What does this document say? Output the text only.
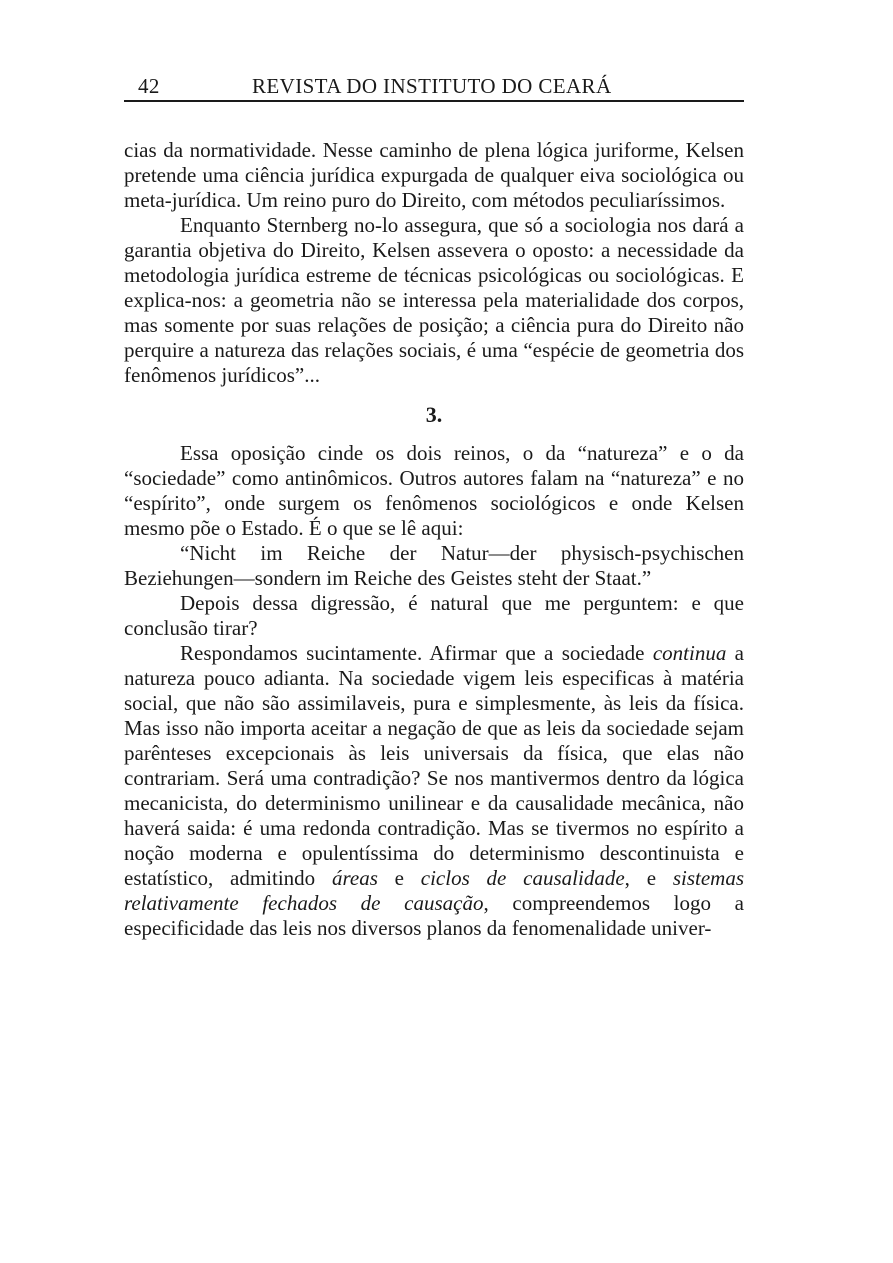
42	REVISTA DO INSTITUTO DO CEARÁ

cias da normatividade. Nesse caminho de plena lógica juriforme, Kelsen pretende uma ciência jurídica expurgada de qualquer eiva sociológica ou meta-jurídica. Um reino puro do Direito, com métodos peculiaríssimos.

Enquanto Sternberg no-lo assegura, que só a sociologia nos dará a garantia objetiva do Direito, Kelsen assevera o oposto: a necessidade da metodologia jurídica estreme de técnicas psicológicas ou sociológicas. E explica-nos: a geometria não se interessa pela materialidade dos corpos, mas somente por suas relações de posição; a ciência pura do Direito não perquire a natureza das relações sociais, é uma “espécie de geometria dos fenômenos jurídicos”...

3.

Essa oposição cinde os dois reinos, o da “natureza” e o da “sociedade” como antinômicos. Outros autores falam na “natureza” e no “espírito”, onde surgem os fenômenos sociológicos e onde Kelsen mesmo põe o Estado. É o que se lê aqui:

“Nicht im Reiche der Natur—der physisch-psychischen Beziehungen—sondern im Reiche des Geistes steht der Staat.”

Depois dessa digressão, é natural que me perguntem: e que conclusão tirar?

Respondamos sucintamente. Afirmar que a sociedade continua a natureza pouco adianta. Na sociedade vigem leis especificas à matéria social, que não são assimilaveis, pura e simplesmente, às leis da física. Mas isso não importa aceitar a negação de que as leis da sociedade sejam parênteses excepcionais às leis universais da física, que elas não contrariam. Será uma contradição? Se nos mantivermos dentro da lógica mecanicista, do determinismo unilinear e da causalidade mecânica, não haverá saida: é uma redonda contradição. Mas se tivermos no espírito a noção moderna e opulentíssima do determinismo descontinuista e estatístico, admitindo áreas e ciclos de causalidade, e sistemas relativamente fechados de causação, compreendemos logo a especificidade das leis nos diversos planos da fenomenalidade univer-
